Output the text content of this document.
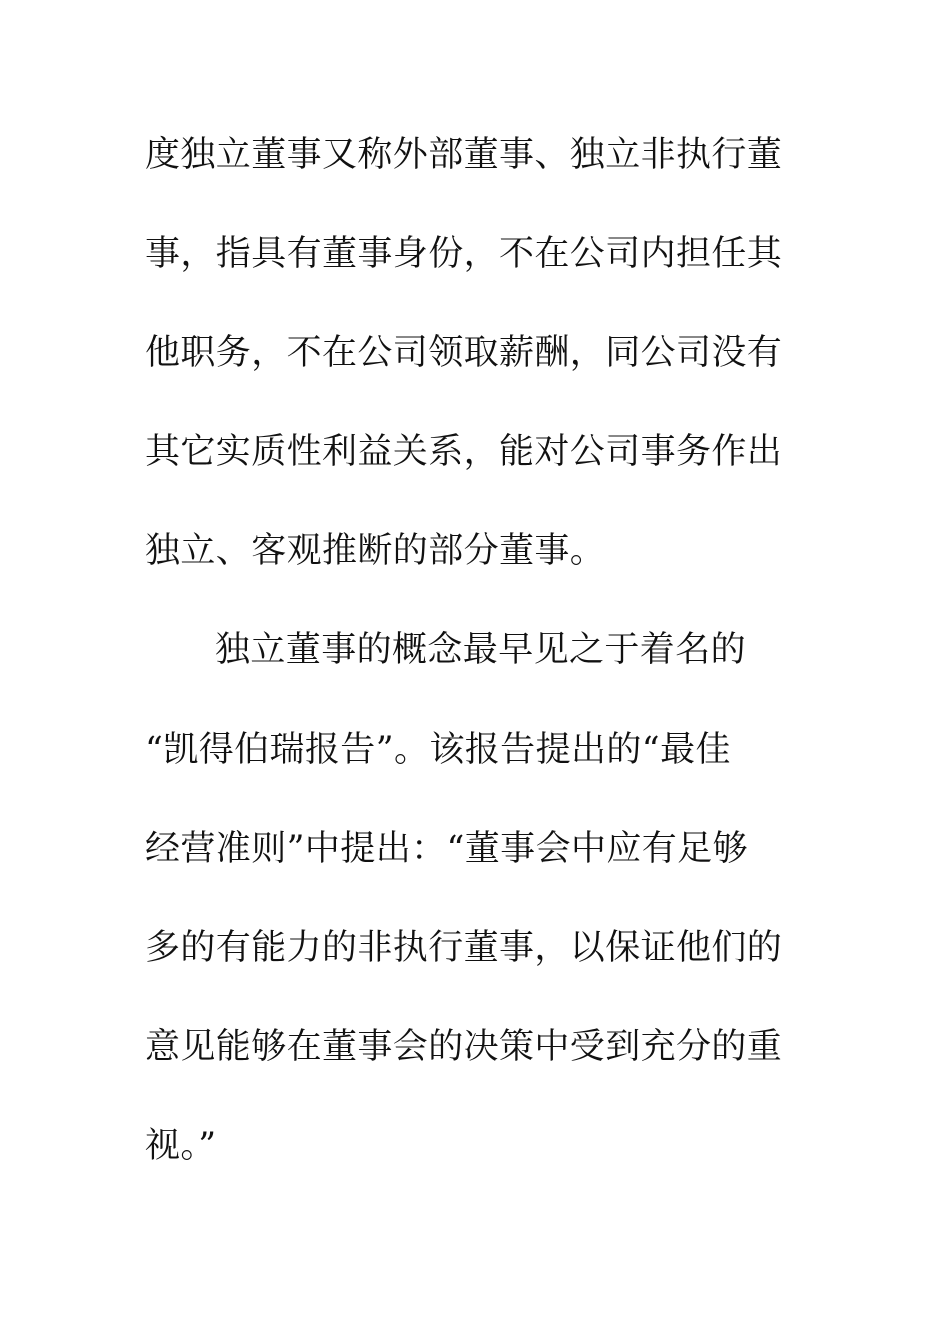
度独立董事又称外部董事、独立非执行董
事，指具有董事身份，不在公司内担任其
他职务，不在公司领取薪酬，同公司没有
其它实质性利益关系，能对公司事务作出
独立、客观推断的部分董事。
独立董事的概念最早见之于着名的
“凯得伯瑞报告”。该报告提出的“最佳
经营准则”中提出：“董事会中应有足够
多的有能力的非执行董事，以保证他们的
意见能够在董事会的决策中受到充分的重
视。”
